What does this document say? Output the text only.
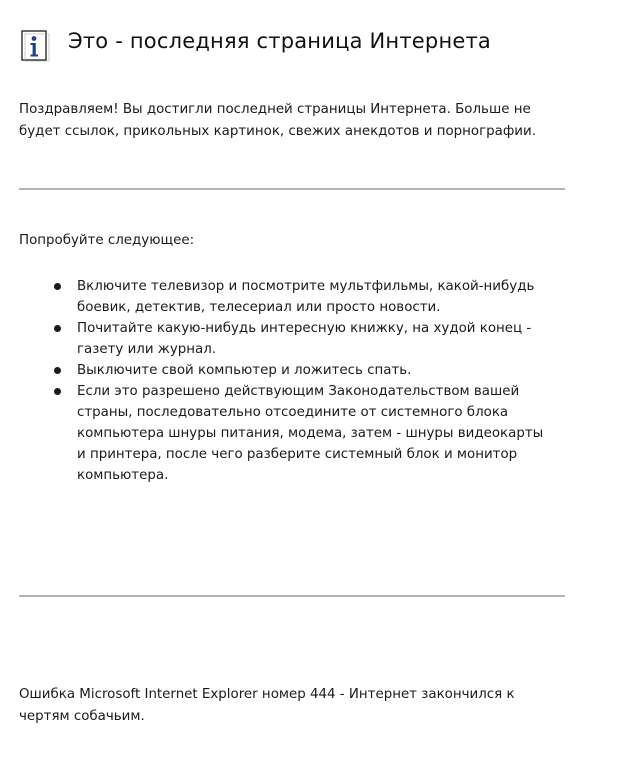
Это - последняя страница Интернета
Поздравляем! Вы достигли последней страницы Интернета. Больше не будет ссылок, прикольных картинок, свежих анекдотов и порнографии.
Попробуйте следующее:
Включите телевизор и посмотрите мультфильмы, какой-нибудь боевик, детектив, телесериал или просто новости.
Почитайте какую-нибудь интересную книжку, на худой конец - газету или журнал.
Выключите свой компьютер и ложитесь спать.
Если это разрешено действующим Законодательством вашей страны, последовательно отсоедините от системного блока компьютера шнуры питания, модема, затем - шнуры видеокарты и принтера, после чего разберите системный блок и монитор компьютера.
Ошибка Microsoft Internet Explorer номер 444 - Интернет закончился к чертям собачьим.
